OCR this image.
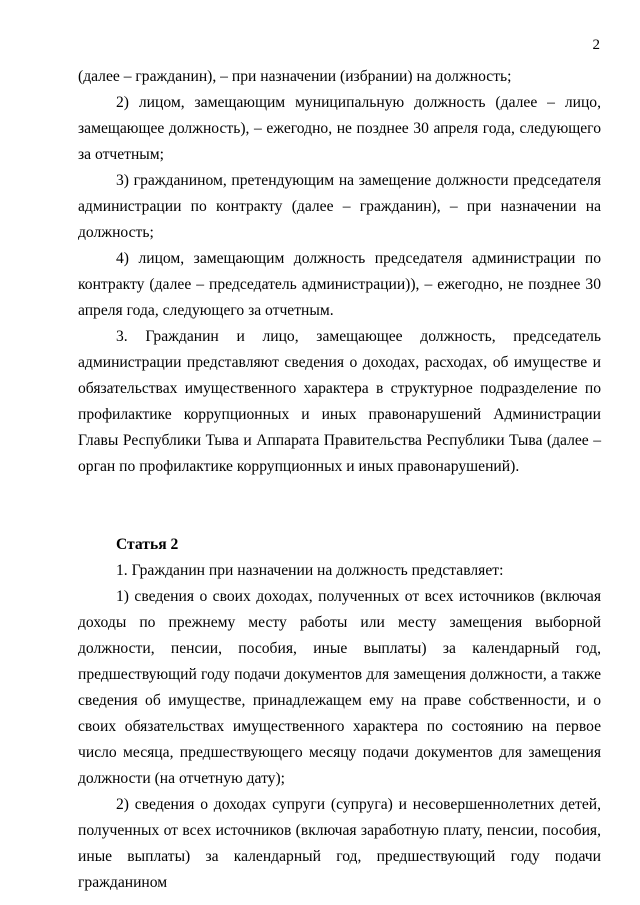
2

(далее – гражданин), – при назначении (избрании) на должность;

2) лицом, замещающим муниципальную должность (далее – лицо, замещающее должность), – ежегодно, не позднее 30 апреля года, следующего за отчетным;

3) гражданином, претендующим на замещение должности председателя администрации по контракту (далее – гражданин), – при назначении на должность;

4) лицом, замещающим должность председателя администрации по контракту (далее – председатель администрации)), – ежегодно, не позднее 30 апреля года, следующего за отчетным.

3. Гражданин и лицо, замещающее должность, председатель администрации представляют сведения о доходах, расходах, об имуществе и обязательствах имущественного характера в структурное подразделение по профилактике коррупционных и иных правонарушений Администрации Главы Республики Тыва и Аппарата Правительства Республики Тыва (далее – орган по профилактике коррупционных и иных правонарушений).

Статья 2

1. Гражданин при назначении на должность представляет:

1) сведения о своих доходах, полученных от всех источников (включая доходы по прежнему месту работы или месту замещения выборной должности, пенсии, пособия, иные выплаты) за календарный год, предшествующий году подачи документов для замещения должности, а также сведения об имуществе, принадлежащем ему на праве собственности, и о своих обязательствах имущественного характера по состоянию на первое число месяца, предшествующего месяцу подачи документов для замещения должности (на отчетную дату);

2) сведения о доходах супруги (супруга) и несовершеннолетних детей, полученных от всех источников (включая заработную плату, пенсии, пособия, иные выплаты) за календарный год, предшествующий году подачи гражданином
